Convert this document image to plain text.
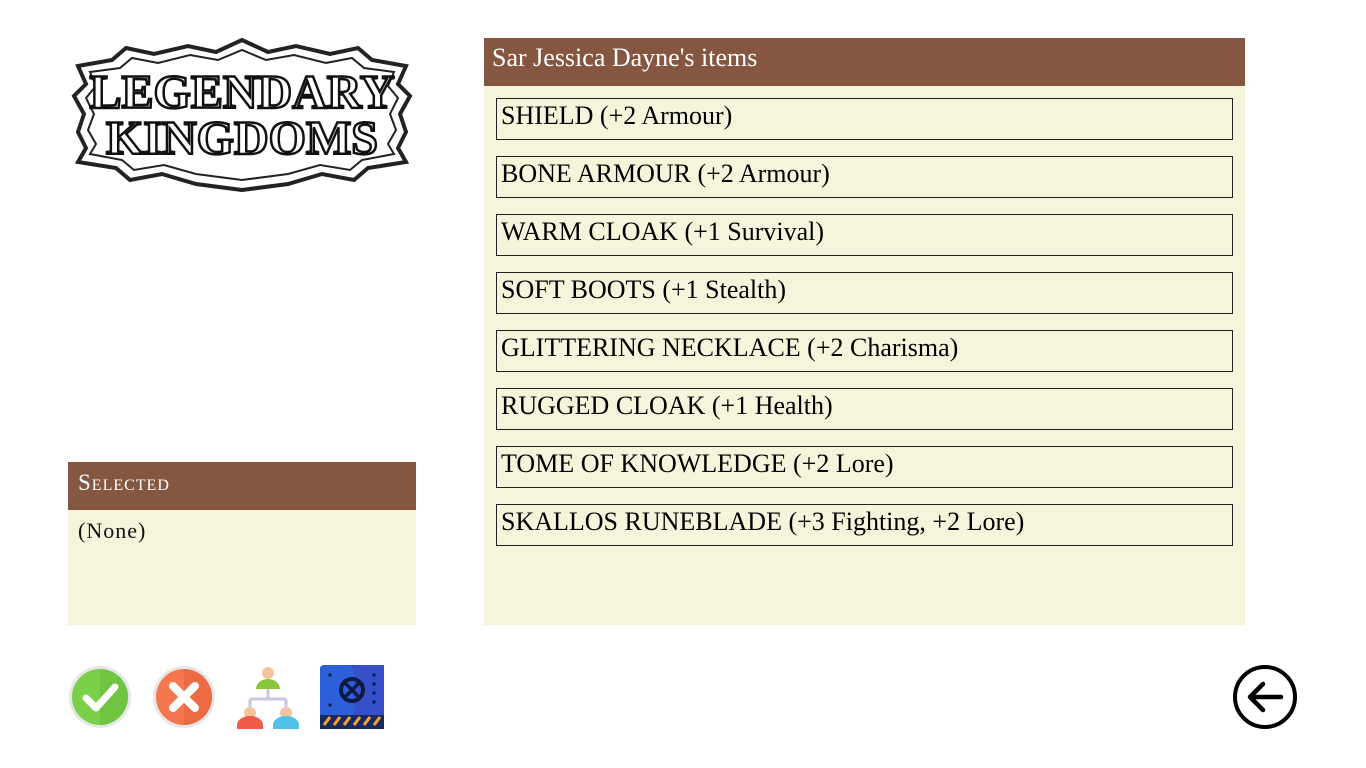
LEGENDARY
KINGDOMS
Selected
(None)
Sar Jessica Dayne's items
SHIELD (+2 Armour)
BONE ARMOUR (+2 Armour)
WARM CLOAK (+1 Survival)
SOFT BOOTS (+1 Stealth)
GLITTERING NECKLACE (+2 Charisma)
RUGGED CLOAK (+1 Health)
TOME OF KNOWLEDGE (+2 Lore)
SKALLOS RUNEBLADE (+3 Fighting, +2 Lore)
